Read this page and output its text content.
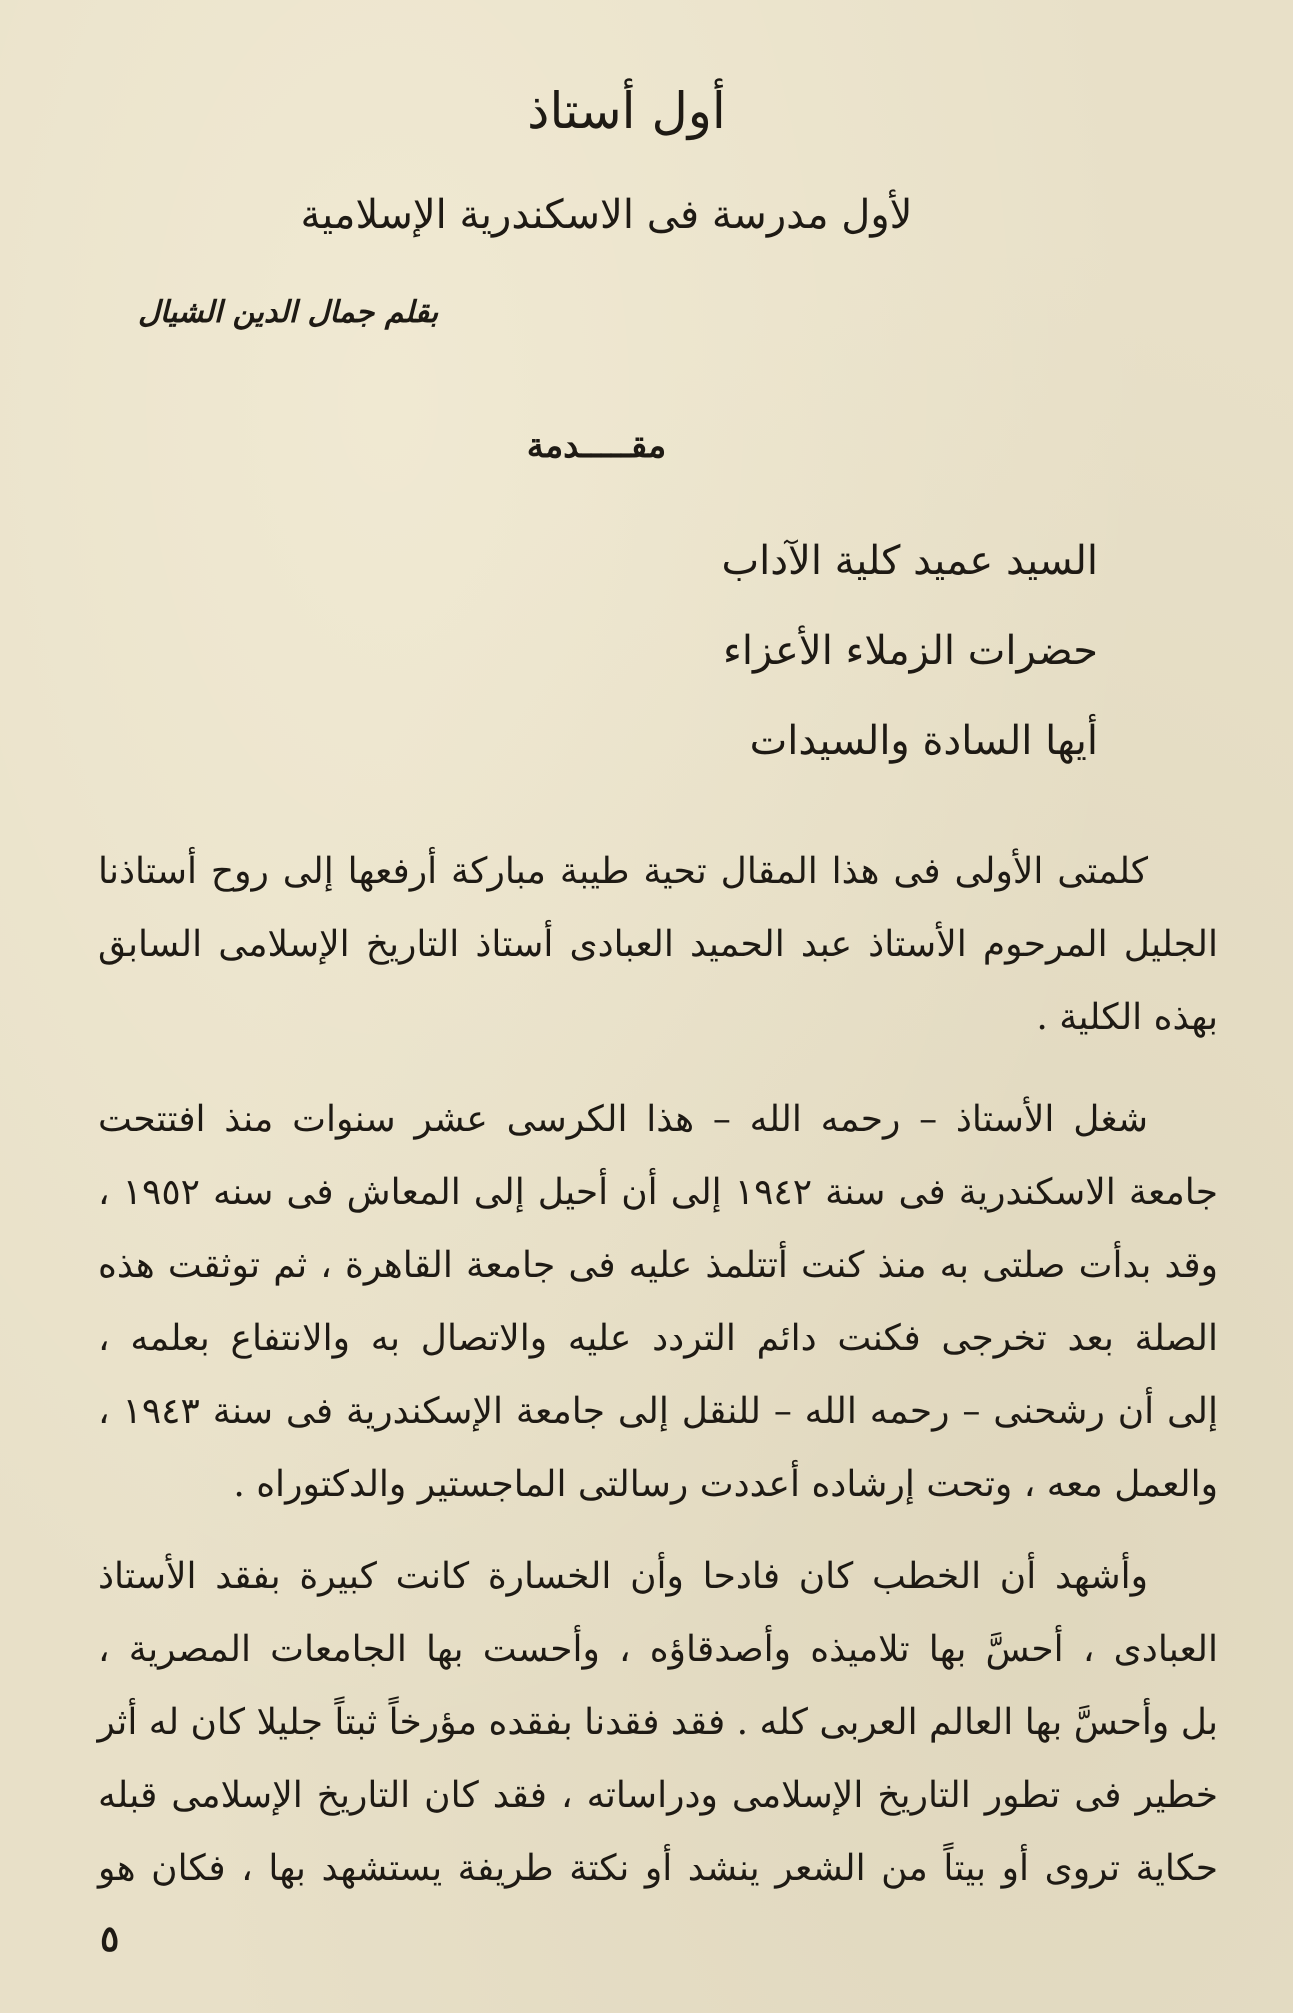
أول أستاذ
لأول مدرسة فى الاسكندرية الإسلامية
بقلم جمال الدين الشيال
مقـــــدمة
السيد عميد كلية الآداب
حضرات الزملاء الأعزاء
أيها السادة والسيدات
كلمتى الأولى فى هذا المقال تحية طيبة مباركة أرفعها إلى روح أستاذنا
الجليل المرحوم الأستاذ عبد الحميد العبادى أستاذ التاريخ الإسلامى السابق
بهذه الكلية .
شغل الأستاذ – رحمه الله – هذا الكرسى عشر سنوات منذ افتتحت
جامعة الاسكندرية فى سنة ١٩٤٢ إلى أن أحيل إلى المعاش فى سنه ١٩٥٢ ،
وقد بدأت صلتى به منذ كنت أتتلمذ عليه فى جامعة القاهرة ، ثم توثقت هذه
الصلة بعد تخرجى فكنت دائم التردد عليه والاتصال به والانتفاع بعلمه ،
إلى أن رشحنى – رحمه الله – للنقل إلى جامعة الإسكندرية فى سنة ١٩٤٣ ،
والعمل معه ، وتحت إرشاده أعددت رسالتى الماجستير والدكتوراه .
وأشهد أن الخطب كان فادحا وأن الخسارة كانت كبيرة بفقد الأستاذ
العبادى ، أحسَّ بها تلاميذه وأصدقاؤه ، وأحست بها الجامعات المصرية ،
بل وأحسَّ بها العالم العربى كله . فقد فقدنا بفقده مؤرخاً ثبتاً جليلا كان له أثر
خطير فى تطور التاريخ الإسلامى ودراساته ، فقد كان التاريخ الإسلامى قبله
حكاية تروى أو بيتاً من الشعر ينشد أو نكتة طريفة يستشهد بها ، فكان هو
٥
